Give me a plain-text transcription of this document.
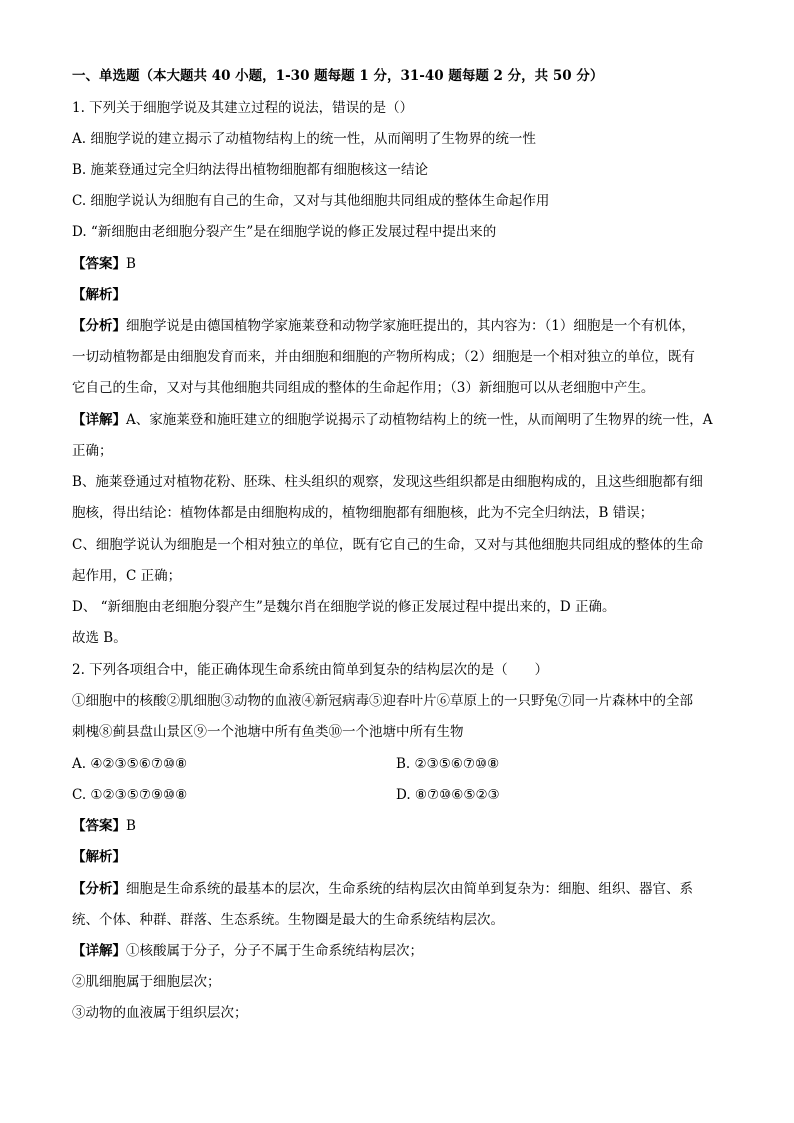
一、单选题（本大题共 40 小题，1-30 题每题 1 分，31-40 题每题 2 分，共 50 分）
1. 下列关于细胞学说及其建立过程的说法，错误的是（）
A. 细胞学说的建立揭示了动植物结构上的统一性，从而阐明了生物界的统一性
B. 施莱登通过完全归纳法得出植物细胞都有细胞核这一结论
C. 细胞学说认为细胞有自己的生命，又对与其他细胞共同组成的整体生命起作用
D. “新细胞由老细胞分裂产生”是在细胞学说的修正发展过程中提出来的
【答案】B
【解析】
【分析】细胞学说是由德国植物学家施莱登和动物学家施旺提出的，其内容为：（1）细胞是一个有机体，
一切动植物都是由细胞发育而来，并由细胞和细胞的产物所构成；（2）细胞是一个相对独立的单位，既有
它自己的生命，又对与其他细胞共同组成的整体的生命起作用；（3）新细胞可以从老细胞中产生。
【详解】A、家施莱登和施旺建立的细胞学说揭示了动植物结构上的统一性，从而阐明了生物界的统一性，A
正确；
B、施莱登通过对植物花粉、胚珠、柱头组织的观察，发现这些组织都是由细胞构成的，且这些细胞都有细
胞核，得出结论：植物体都是由细胞构成的，植物细胞都有细胞核，此为不完全归纳法，B 错误；
C、细胞学说认为细胞是一个相对独立的单位，既有它自己的生命，又对与其他细胞共同组成的整体的生命
起作用，C 正确；
D、 “新细胞由老细胞分裂产生”是魏尔肖在细胞学说的修正发展过程中提出来的，D 正确。
故选 B。
2. 下列各项组合中，能正确体现生命系统由简单到复杂的结构层次的是（　　）
①细胞中的核酸②肌细胞③动物的血液④新冠病毒⑤迎春叶片⑥草原上的一只野兔⑦同一片森林中的全部
刺槐⑧蓟县盘山景区⑨一个池塘中所有鱼类⑩一个池塘中所有生物
A. ④②③⑤⑥⑦⑩⑧	B. ②③⑤⑥⑦⑩⑧
C. ①②③⑤⑦⑨⑩⑧	D. ⑧⑦⑩⑥⑤②③
【答案】B
【解析】
【分析】细胞是生命系统的最基本的层次，生命系统的结构层次由简单到复杂为：细胞、组织、器官、系
统、个体、种群、群落、生态系统。生物圈是最大的生命系统结构层次。
【详解】①核酸属于分子，分子不属于生命系统结构层次；
②肌细胞属于细胞层次；
③动物的血液属于组织层次；
